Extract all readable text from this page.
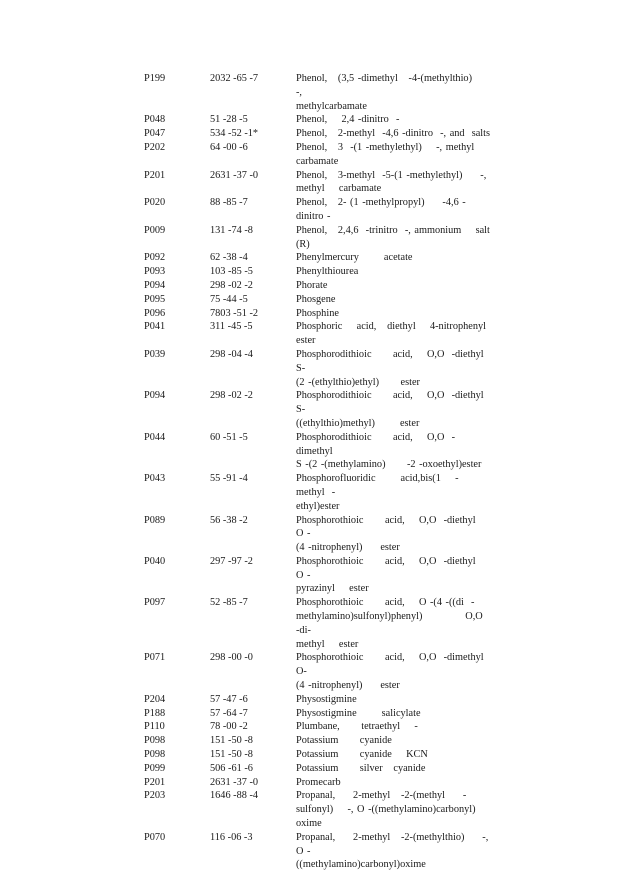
P199	2032 -65 -7	Phenol,   (3,5 -dimethyl   -4-(methylthio)    -,
methylcarbamate
P048	51 -28 -5	Phenol,    2,4 -dinitro  -
P047	534 -52 -1*	Phenol,   2-methyl  -4,6 -dinitro  -, and  salts
P202	64 -00 -6	Phenol,   3  -(1 -methylethyl)    -, methyl
carbamate
P201	2631 -37 -0	Phenol,   3-methyl  -5-(1 -methylethyl)     -,
methyl    carbamate
P020	88 -85 -7	Phenol,   2- (1 -methylpropyl)     -4,6 -dinitro -
P009	131 -74 -8	Phenol,   2,4,6  -trinitro  -, ammonium    salt      (R)
P092	62 -38 -4	Phenylmercury       acetate
P093	103 -85 -5	Phenylthiourea
P094	298 -02 -2	Phorate
P095	75 -44 -5	Phosgene
P096	7803 -51 -2	Phosphine
P041	311 -45 -5	Phosphoric    acid,   diethyl    4-nitrophenyl
ester
P039	298 -04 -4	Phosphorodithioic      acid,    O,O  -diethyl   S-
(2 -(ethylthio)ethyl)      ester
P094	298 -02 -2	Phosphorodithioic      acid,    O,O  -diethyl   S-
((ethylthio)methyl)       ester
P044	60 -51 -5	Phosphorodithioic      acid,    O,O  -dimethyl
S -(2 -(methylamino)      -2 -oxoethyl)ester
P043	55 -91 -4	Phosphorofluoridic       acid,bis(1    -  methyl  -
ethyl)ester
P089	56 -38 -2	Phosphorothioic      acid,    O,O  -diethyl    O -
(4 -nitrophenyl)     ester
P040	297 -97 -2	Phosphorothioic      acid,    O,O  -diethyl    O -
pyrazinyl    ester
P097	52 -85 -7	Phosphorothioic      acid,    O -(4 -((di  -
methylamino)sulfonyl)phenyl)            O,O  -di-
methyl    ester
P071	298 -00 -0	Phosphorothioic      acid,    O,O  -dimethyl     O-
(4 -nitrophenyl)     ester
P204	57 -47 -6	Physostigmine
P188	57 -64 -7	Physostigmine       salicylate
P110	78 -00 -2	Plumbane,      tetraethyl    -
P098	151 -50 -8	Potassium      cyanide
P098	151 -50 -8	Potassium      cyanide    KCN
P099	506 -61 -6	Potassium      silver   cyanide
P201	2631 -37 -0	Promecarb
P203	1646 -88 -4	Propanal,     2-methyl   -2-(methyl     -
sulfonyl)    -, O -((methylamino)carbonyl)
oxime
P070	116 -06 -3	Propanal,     2-methyl   -2-(methylthio)     -, O -
((methylamino)carbonyl)oxime
